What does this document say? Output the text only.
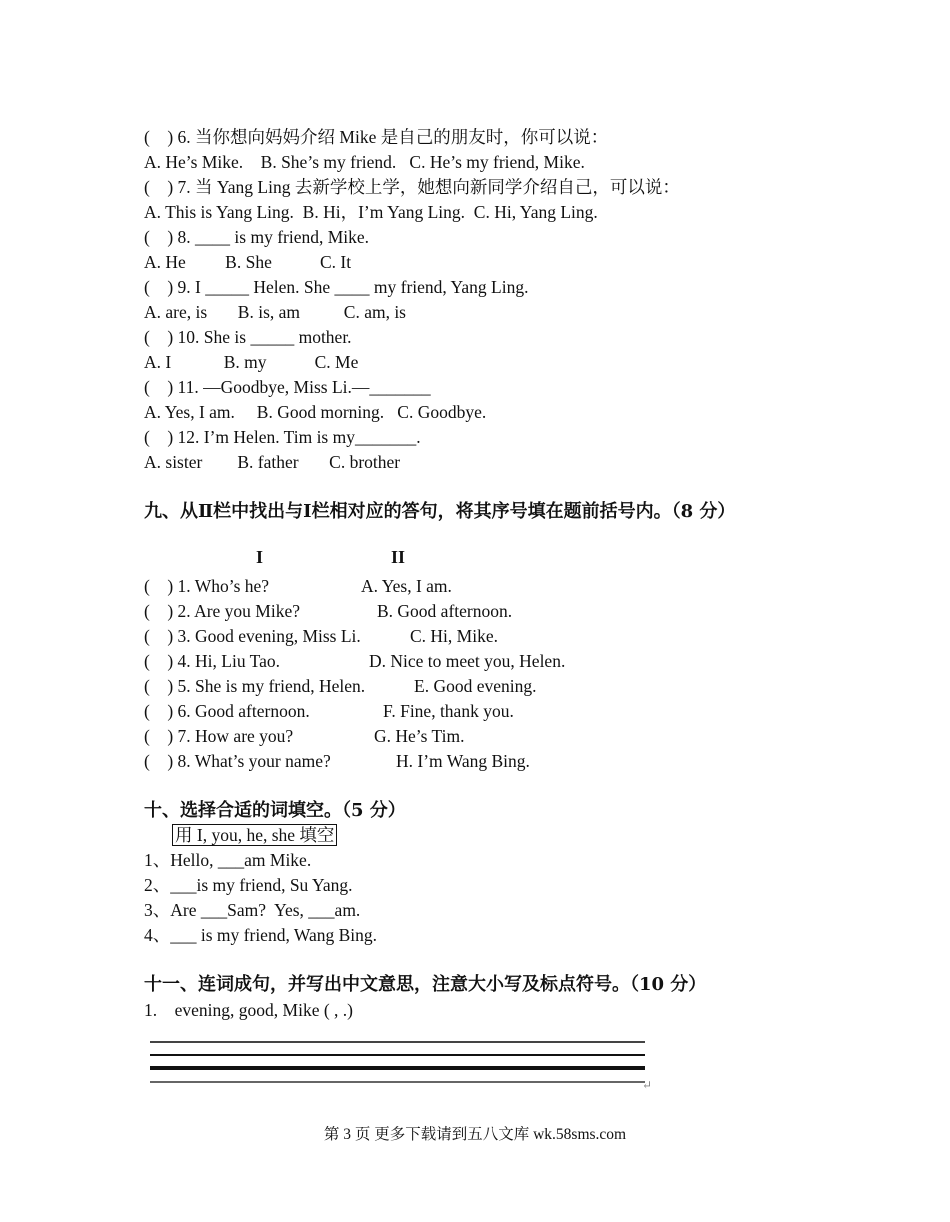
(    ) 6. 当你想向妈妈介绍 Mike 是自己的朋友时，你可以说：
A. He’s Mike.    B. She’s my friend.   C. He’s my friend, Mike.
(    ) 7. 当 Yang Ling 去新学校上学，她想向新同学介绍自己，可以说：
A. This is Yang Ling.  B. Hi，I’m Yang Ling.  C. Hi, Yang Ling.
(    ) 8. ____ is my friend, Mike.
A. He         B. She           C. It
(    ) 9. I _____ Helen. She ____ my friend, Yang Ling.
A. are, is       B. is, am          C. am, is
(    ) 10. She is _____ mother.
A. I            B. my           C. Me
(    ) 11. —Goodbye, Miss Li.—_______
A. Yes, I am.     B. Good morning.   C. Goodbye.
(    ) 12. I’m Helen. Tim is my_______.
A. sister        B. father       C. brother
九、从Ⅱ栏中找出与Ⅰ栏相对应的答句，将其序号填在题前括号内。（8 分）
I	II
(    ) 1. Who’s he?	A. Yes, I am.
(    ) 2. Are you Mike?	B. Good afternoon.
(    ) 3. Good evening, Miss Li.	C. Hi, Mike.
(    ) 4. Hi, Liu Tao.	D. Nice to meet you, Helen.
(    ) 5. She is my friend, Helen.	E. Good evening.
(    ) 6. Good afternoon.	F. Fine, thank you.
(    ) 7. How are you?	G. He’s Tim.
(    ) 8. What’s your name?	H. I’m Wang Bing.
十、选择合适的词填空。（5 分）
用 I, you, he, she 填空
1、Hello, ___am Mike.
2、___is my friend, Su Yang.
3、Are ___Sam?  Yes, ___am.
4、___ is my friend, Wang Bing.
十一、连词成句，并写出中文意思，注意大小写及标点符号。（10 分）
1.    evening, good, Mike ( , .)
↵
第 3 页 更多下载请到五八文库 wk.58sms.com
